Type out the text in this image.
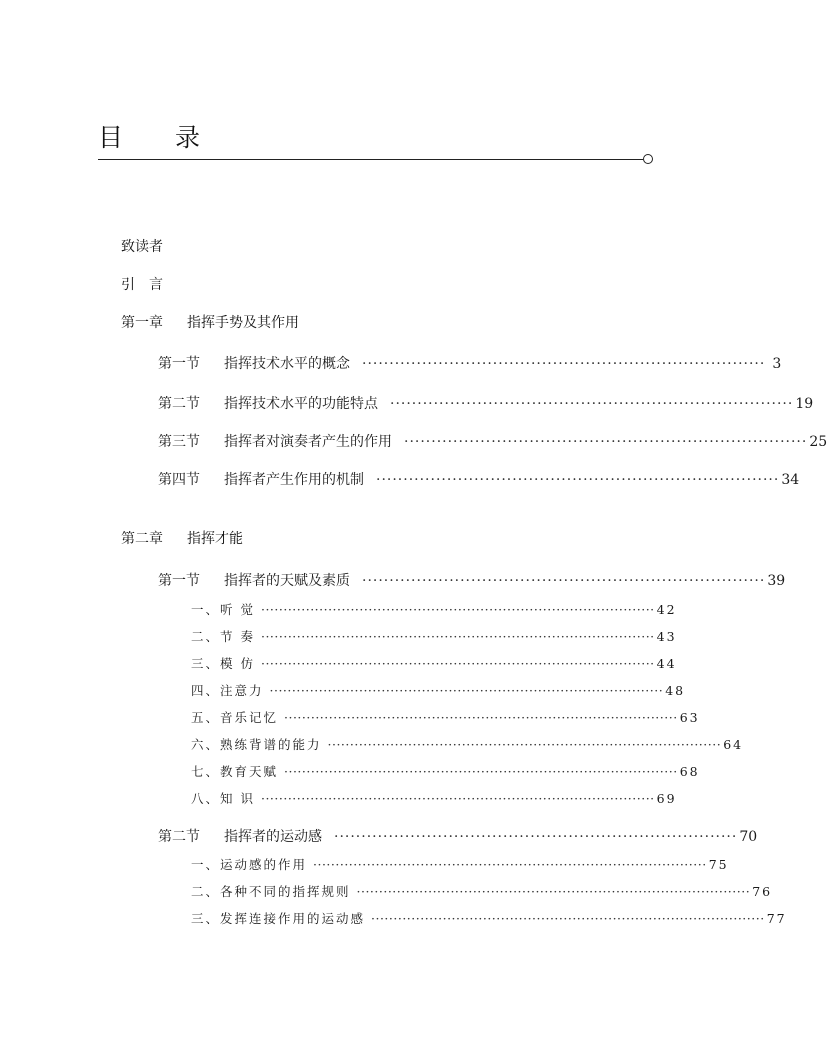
目 录
致读者
引　言
第一章 指挥手势及其作用
第一节 指挥技术水平的概念 ·········································································· 3
第二节 指挥技术水平的功能特点 ·········································································· 19
第三节 指挥者对演奏者产生的作用 ·········································································· 25
第四节 指挥者产生作用的机制 ·········································································· 34
第二章 指挥才能
第一节 指挥者的天赋及素质 ·········································································· 39
一、听 觉 ························································································ 42
二、节 奏 ························································································ 43
三、模 仿 ························································································ 44
四、注意力 ························································································ 48
五、音乐记忆 ························································································ 63
六、熟练背谱的能力 ························································································ 64
七、教育天赋 ························································································ 68
八、知 识 ························································································ 69
第二节 指挥者的运动感 ·········································································· 70
一、运动感的作用 ························································································ 75
二、各种不同的指挥规则 ························································································ 76
三、发挥连接作用的运动感 ························································································ 77
